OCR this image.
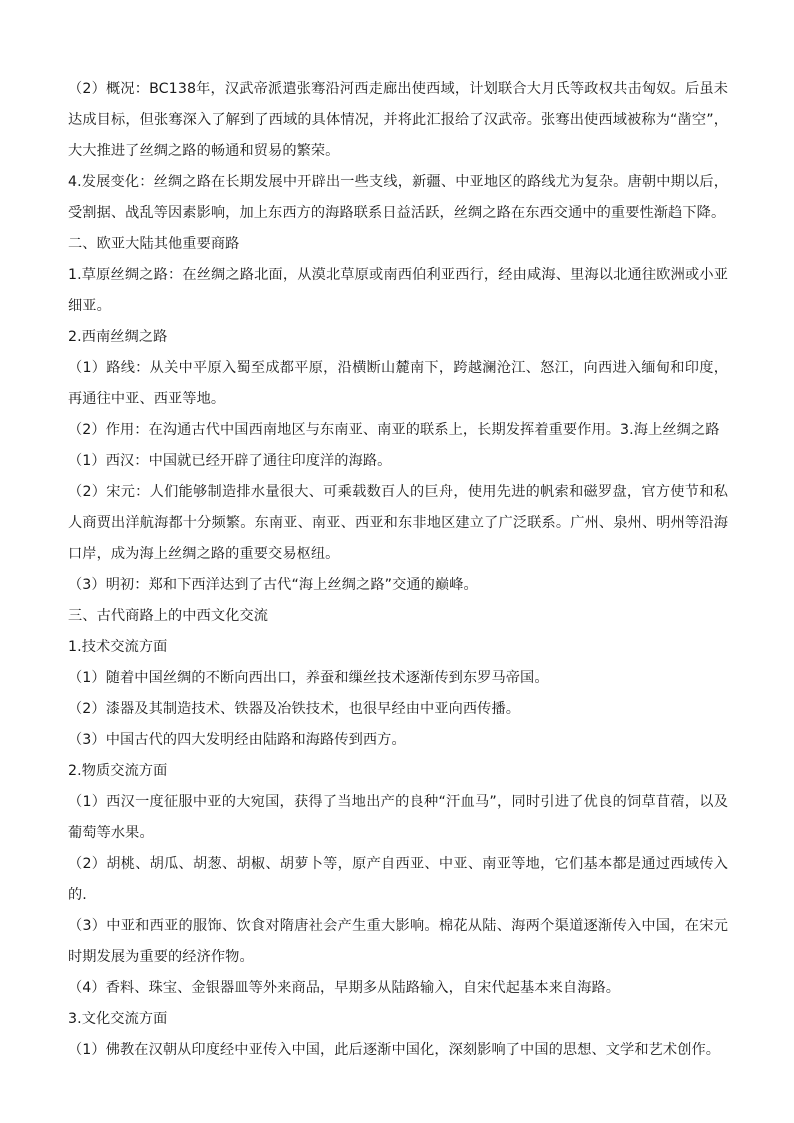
（2）概况：BC138年，汉武帝派遣张骞沿河西走廊出使西域，计划联合大月氏等政权共击匈奴。后虽未达成目标，但张骞深入了解到了西域的具体情况，并将此汇报给了汉武帝。张骞出使西域被称为“凿空”，大大推进了丝绸之路的畅通和贸易的繁荣。

4.发展变化：丝绸之路在长期发展中开辟出一些支线，新疆、中亚地区的路线尤为复杂。唐朝中期以后，受割据、战乱等因素影响，加上东西方的海路联系日益活跃，丝绸之路在东西交通中的重要性渐趋下降。

二、欧亚大陆其他重要商路

1.草原丝绸之路：在丝绸之路北面，从漠北草原或南西伯利亚西行，经由咸海、里海以北通往欧洲或小亚细亚。

2.西南丝绸之路

（1）路线：从关中平原入蜀至成都平原，沿横断山麓南下，跨越澜沧江、怒江，向西进入缅甸和印度，再通往中亚、西亚等地。

（2）作用：在沟通古代中国西南地区与东南亚、南亚的联系上，长期发挥着重要作用。3.海上丝绸之路

（1）西汉：中国就已经开辟了通往印度洋的海路。

（2）宋元：人们能够制造排水量很大、可乘载数百人的巨舟，使用先进的帆索和磁罗盘，官方使节和私人商贾出洋航海都十分频繁。东南亚、南亚、西亚和东非地区建立了广泛联系。广州、泉州、明州等沿海口岸，成为海上丝绸之路的重要交易枢纽。

（3）明初：郑和下西洋达到了古代“海上丝绸之路”交通的巅峰。

三、古代商路上的中西文化交流

1.技术交流方面

（1）随着中国丝绸的不断向西出口，养蚕和缫丝技术逐渐传到东罗马帝国。

（2）漆器及其制造技术、铁器及冶铁技术，也很早经由中亚向西传播。

（3）中国古代的四大发明经由陆路和海路传到西方。

2.物质交流方面

（1）西汉一度征服中亚的大宛国，获得了当地出产的良种“汗血马”，同时引进了优良的饲草苜蓿，以及葡萄等水果。

（2）胡桃、胡瓜、胡葱、胡椒、胡萝卜等，原产自西亚、中亚、南亚等地，它们基本都是通过西域传入的.

（3）中亚和西亚的服饰、饮食对隋唐社会产生重大影响。棉花从陆、海两个渠道逐渐传入中国，在宋元时期发展为重要的经济作物。

（4）香料、珠宝、金银器皿等外来商品，早期多从陆路输入，自宋代起基本来自海路。

3.文化交流方面

（1）佛教在汉朝从印度经中亚传入中国，此后逐渐中国化，深刻影响了中国的思想、文学和艺术创作。
